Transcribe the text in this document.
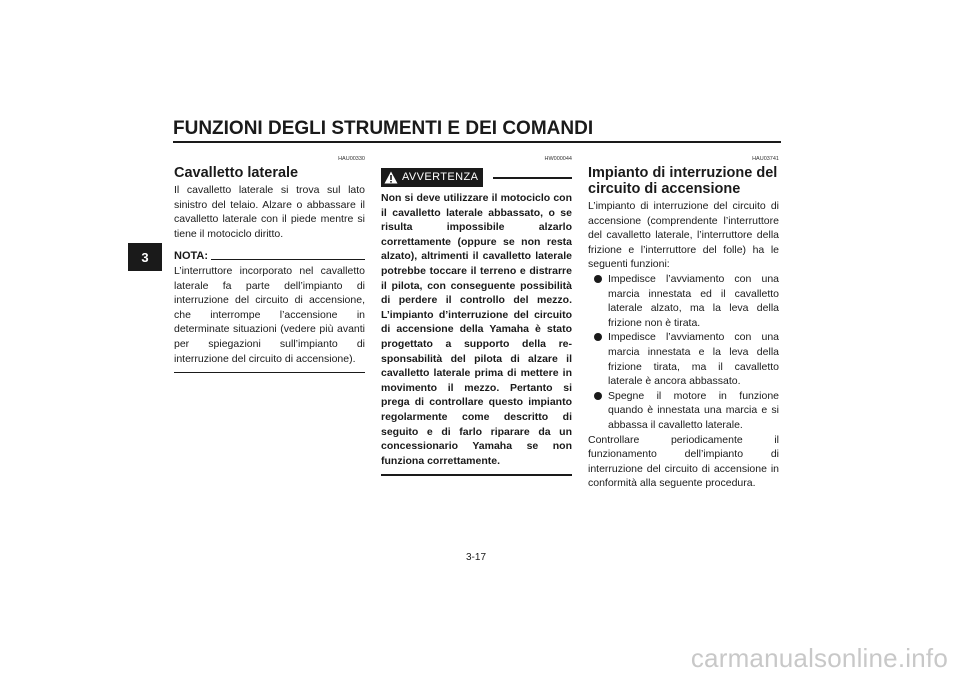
FUNZIONI DEGLI STRUMENTI E DEI COMANDI
3
HAU00330
Cavalletto laterale

Il cavalletto laterale si trova sul lato sinistro del telaio. Alzare o abbassare il cavalletto laterale con il piede mentre si tiene il motociclo diritto.

NOTA:

L’interruttore incorporato nel cavalletto laterale fa parte dell’impianto di interruzione del circuito di accensione, che interrompe l’accensione in determinate situazioni (vedere più avanti per spiegazioni sull’impianto di interruzione del circuito di accensione).

HW000044
AVVERTENZA

Non si deve utilizzare il motociclo con il cavalletto laterale abbassato, o se risulta impossibile alzarlo correttamente (oppure se non resta alzato), altrimenti il cavalletto laterale potrebbe toccare il terreno e distrarre il pilota, con conseguente possibilità di perdere il controllo del mezzo. L’impianto d’interruzione del circuito di accensione della Yamaha è stato progettato a supporto della responsabilità del pilota di alzare il cavalletto laterale prima di mettere in movimento il mezzo. Pertanto si prega di controllare questo impianto regolarmente come descritto di seguito e di farlo riparare da un concessionario Yamaha se non funziona correttamente.

HAU03741
Impianto di interruzione del circuito di accensione

L’impianto di interruzione del circuito di accensione (comprendente l’interruttore del cavalletto laterale, l’interruttore della frizione e l’interruttore del folle) ha le seguenti funzioni:

Impedisce l’avviamento con una marcia innestata ed il cavalletto laterale alzato, ma la leva della frizione non è tirata.
Impedisce l’avviamento con una marcia innestata e la leva della frizione tirata, ma il cavalletto laterale è ancora abbassato.
Spegne il motore in funzione quando è innestata una marcia e si abbassa il cavalletto laterale.

Controllare periodicamente il funzionamento dell’impianto di interruzione del circuito di accensione in conformità alla seguente procedura.

3-17
carmanualsonline.info
